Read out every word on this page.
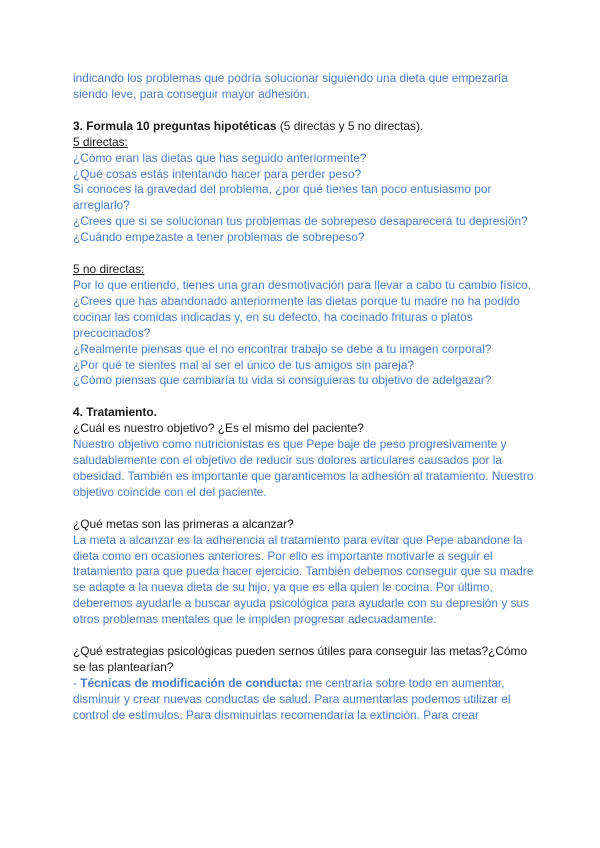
indicando los problemas que podría solucionar siguiendo una dieta que empezaría siendo leve, para conseguir mayor adhesión.

3. Formula 10 preguntas hipotéticas (5 directas y 5 no directas).

5 directas:

¿Cómo eran las dietas que has seguido anteriormente?

¿Qué cosas estás intentando hacer para perder peso?

Si conoces la gravedad del problema, ¿por qué tienes tan poco entusiasmo por arreglarlo?

¿Crees que si se solucionan tus problemas de sobrepeso desaparecerá tu depresión?

¿Cuándo empezaste a tener problemas de sobrepeso?

5 no directas:

Por lo que entiendo, tienes una gran desmotivación para llevar a cabo tu cambio físico.

¿Crees que has abandonado anteriormente las dietas porque tu madre no ha podido cocinar las comidas indicadas y, en su defecto, ha cocinado frituras o platos precocinados?

¿Realmente piensas que el no encontrar trabajo se debe a tu imagen corporal?

¿Por qué te sientes mal al ser el único de tus amigos sin pareja?

¿Cómo piensas que cambiaría tu vida si consiguieras tu objetivo de adelgazar?

4. Tratamiento.

¿Cuál es nuestro objetivo? ¿Es el mismo del paciente?

Nuestro objetivo como nutricionistas es que Pepe baje de peso progresivamente y saludablemente con el objetivo de reducir sus dolores articulares causados por la obesidad. También es importante que garanticemos la adhesión al tratamiento. Nuestro objetivo coincide con el del paciente.

¿Qué metas son las primeras a alcanzar?

La meta a alcanzar es la adherencia al tratamiento para evitar que Pepe abandone la dieta como en ocasiones anteriores. Por ello es importante motivarle a seguir el tratamiento para que pueda hacer ejercicio. También debemos conseguir que su madre se adapte a la nueva dieta de su hijo, ya que es ella quien le cocina. Por último, deberemos ayudarle a buscar ayuda psicológica para ayudarle con su depresión y sus otros problemas mentales que le impiden progresar adecuadamente.

¿Qué estrategias psicológicas pueden sernos útiles para conseguir las metas?¿Cómo se las plantearían?

- Técnicas de modificación de conducta: me centraría sobre todo en aumentar, disminuir y crear nuevas conductas de salud. Para aumentarlas podemos utilizar el control de estímulos. Para disminuirlas recomendaría la extinción. Para crear
